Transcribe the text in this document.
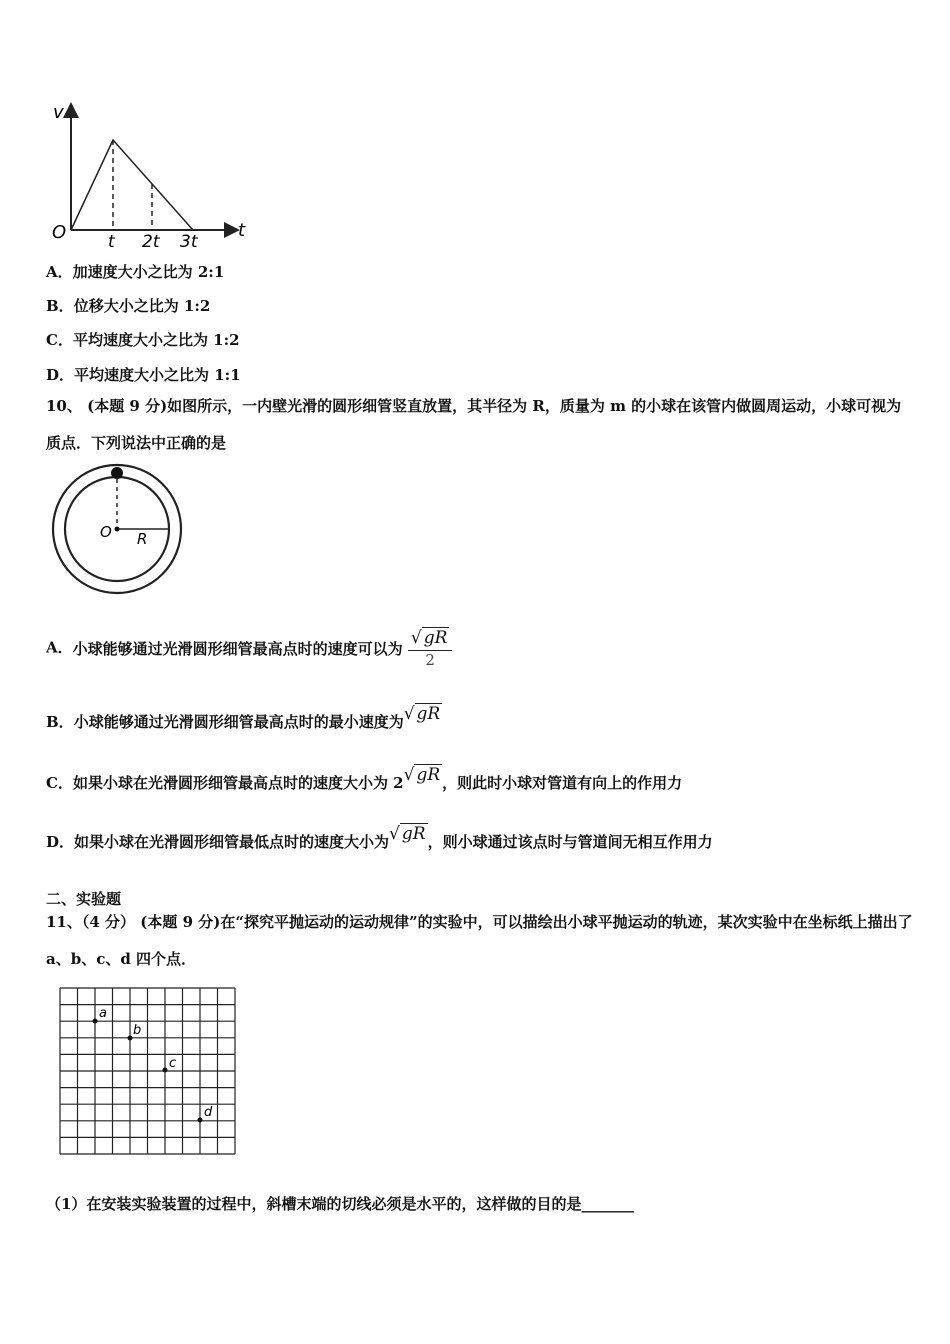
v
t
O t 2t 3t
A．加速度大小之比为 2:1
B．位移大小之比为 1:2
C．平均速度大小之比为 1:2
D．平均速度大小之比为 1:1
10、 (本题 9 分)如图所示，一内壁光滑的圆形细管竖直放置，其半径为 R，质量为 m 的小球在该管内做圆周运动，小球可视为质点．下列说法中正确的是
O R
A．小球能够通过光滑圆形细管最高点时的速度可以为 $\frac{√ gR}{2}$
B．小球能够通过光滑圆形细管最高点时的最小速度为√ gR
C．如果小球在光滑圆形细管最高点时的速度大小为 2√ gR ，则此时小球对管道有向上的作用力
D．如果小球在光滑圆形细管最低点时的速度大小为√ gR ，则小球通过该点时与管道间无相互作用力
二、实验题
11、（4 分） (本题 9 分)在“探究平抛运动的运动规律”的实验中，可以描绘出小球平抛运动的轨迹，某次实验中在坐标纸上描出了 a、b、c、d 四个点．
a
b
c
d
（1）在安装实验装置的过程中，斜槽末端的切线必须是水平的，这样做的目的是_______
